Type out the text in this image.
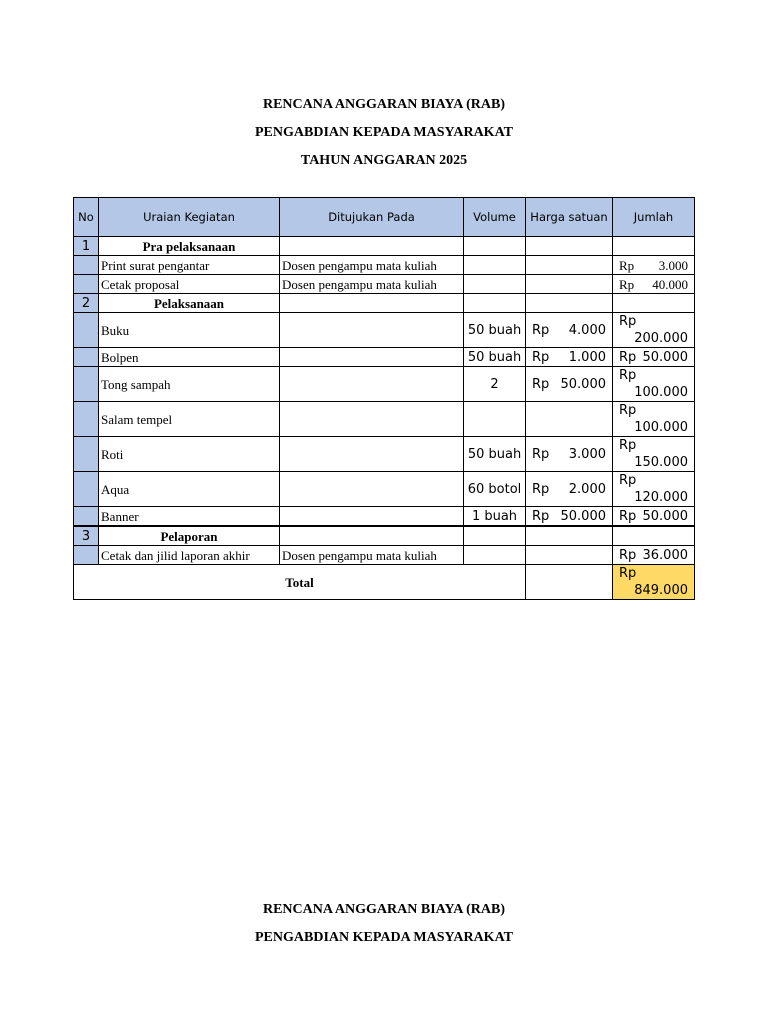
RENCANA ANGGARAN BIAYA (RAB)
PENGABDIAN KEPADA MASYARAKAT
TAHUN ANGGARAN 2025
No	Uraian Kegiatan	Ditujukan Pada	Volume	Harga satuan	Jumlah
1	Pra pelaksanaan				
	Print surat pengantar	Dosen pengampu mata kuliah			Rp 3.000

	Cetak proposal	Dosen pengampu mata kuliah			Rp 40.000

2	Pelaksanaan				
	Buku		50 buah	Rp 4.000	Rp
200.000

	Bolpen		50 buah	Rp 1.000	Rp 50.000

	Tong sampah		2	Rp 50.000	Rp
100.000

	Salam tempel				Rp
100.000

	Roti		50 buah	Rp 3.000	Rp
150.000

	Aqua		60 botol	Rp 2.000	Rp
120.000

	Banner		1 buah	Rp 50.000	Rp 50.000

3	Pelaporan				
	Cetak dan jilid laporan akhir	Dosen pengampu mata kuliah			Rp 36.000

Total					Rp
849.000
RENCANA ANGGARAN BIAYA (RAB)
PENGABDIAN KEPADA MASYARAKAT
